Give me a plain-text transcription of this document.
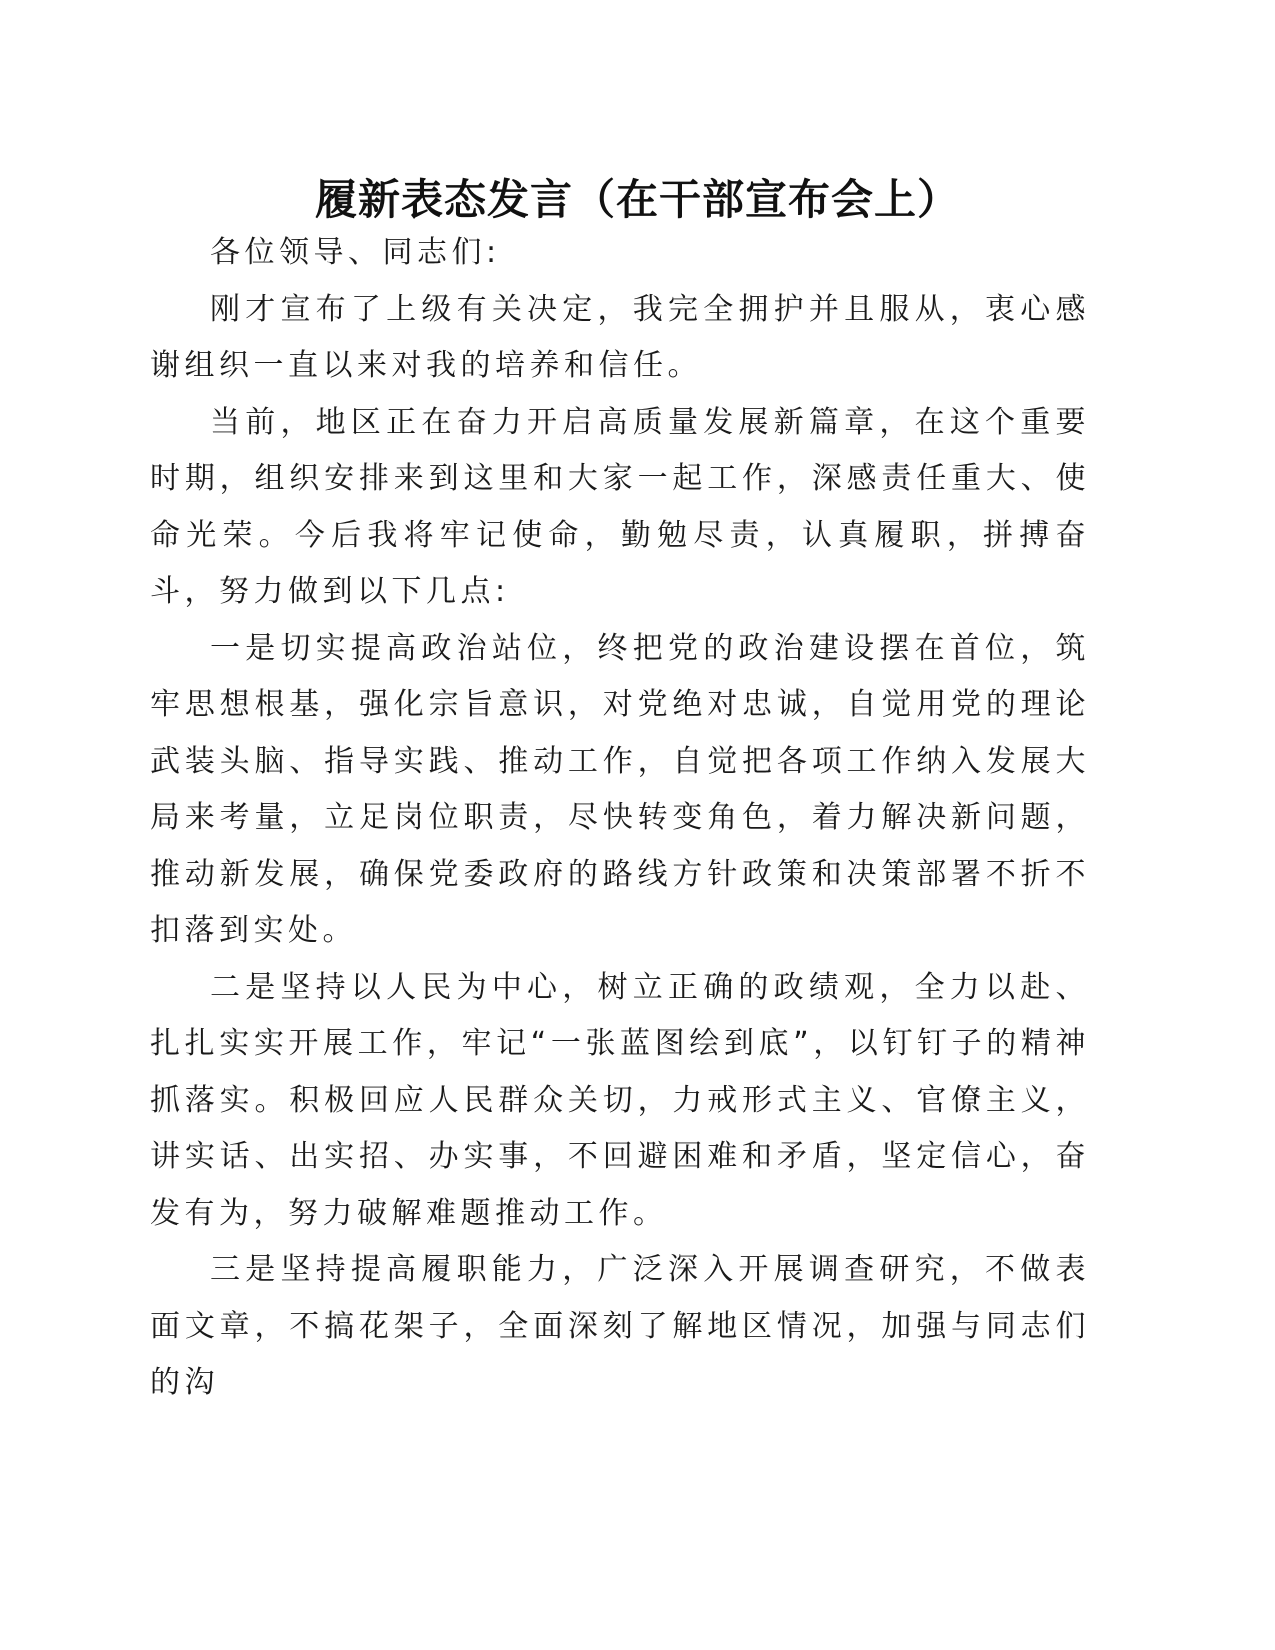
履新表态发言（在干部宣布会上）

各位领导、同志们:

刚才宣布了上级有关决定，我完全拥护并且服从，衷心感谢组织一直以来对我的培养和信任。

当前，地区正在奋力开启高质量发展新篇章，在这个重要时期，组织安排来到这里和大家一起工作，深感责任重大、使命光荣。今后我将牢记使命，勤勉尽责，认真履职，拼搏奋斗，努力做到以下几点:

一是切实提高政治站位，终把党的政治建设摆在首位，筑牢思想根基，强化宗旨意识，对党绝对忠诚，自觉用党的理论武装头脑、指导实践、推动工作，自觉把各项工作纳入发展大局来考量，立足岗位职责，尽快转变角色，着力解决新问题，推动新发展，确保党委政府的路线方针政策和决策部署不折不扣落到实处。

二是坚持以人民为中心，树立正确的政绩观，全力以赴、扎扎实实开展工作，牢记“一张蓝图绘到底”，以钉钉子的精神抓落实。积极回应人民群众关切，力戒形式主义、官僚主义，讲实话、出实招、办实事，不回避困难和矛盾，坚定信心，奋发有为，努力破解难题推动工作。

三是坚持提高履职能力，广泛深入开展调查研究，不做表面文章，不搞花架子，全面深刻了解地区情况，加强与同志们的沟
